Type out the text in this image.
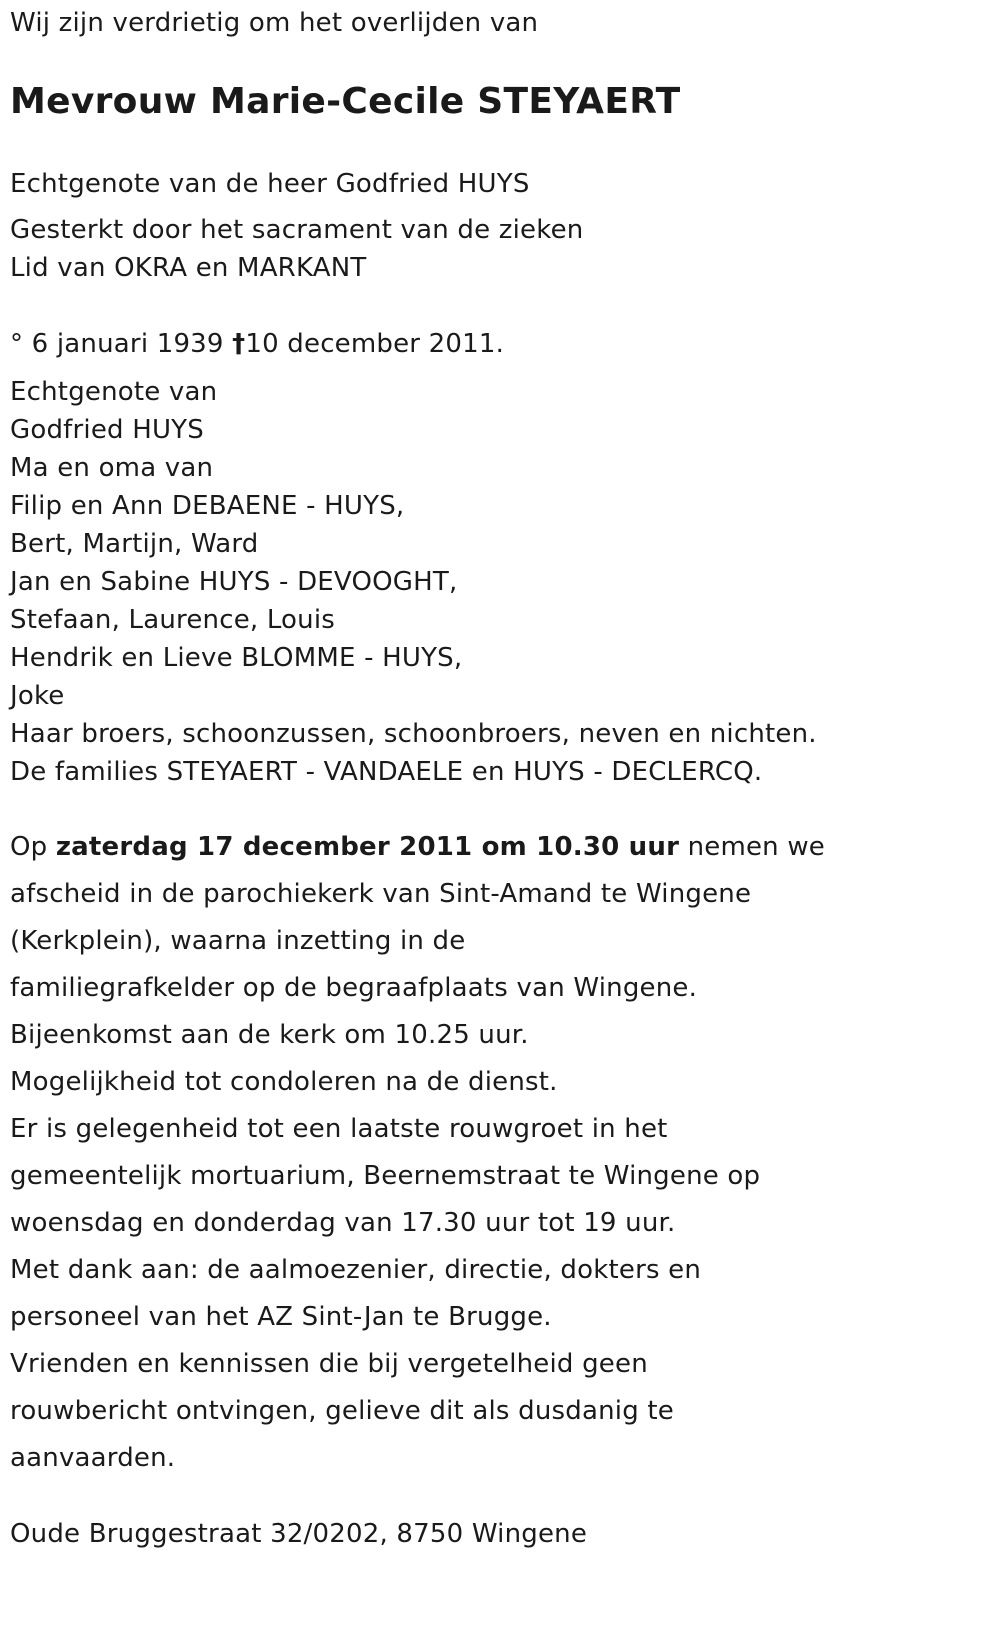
Wij zijn verdrietig om het overlijden van
Mevrouw Marie-Cecile STEYAERT
Echtgenote van de heer Godfried HUYS
Gesterkt door het sacrament van de zieken
Lid van OKRA en MARKANT
° 6 januari 1939 †10 december 2011.
Echtgenote van
Godfried HUYS
Ma en oma van
Filip en Ann DEBAENE - HUYS,
Bert, Martijn, Ward
Jan en Sabine HUYS - DEVOOGHT,
Stefaan, Laurence, Louis
Hendrik en Lieve BLOMME - HUYS,
Joke
Haar broers, schoonzussen, schoonbroers, neven en nichten.
De families STEYAERT - VANDAELE en HUYS - DECLERCQ.
Op zaterdag 17 december 2011 om 10.30 uur nemen we
afscheid in de parochiekerk van Sint-Amand te Wingene
(Kerkplein), waarna inzetting in de
familiegrafkelder op de begraafplaats van Wingene.
Bijeenkomst aan de kerk om 10.25 uur.
Mogelijkheid tot condoleren na de dienst.
Er is gelegenheid tot een laatste rouwgroet in het
gemeentelijk mortuarium, Beernemstraat te Wingene op
woensdag en donderdag van 17.30 uur tot 19 uur.
Met dank aan: de aalmoezenier, directie, dokters en
personeel van het AZ Sint-Jan te Brugge.
Vrienden en kennissen die bij vergetelheid geen
rouwbericht ontvingen, gelieve dit als dusdanig te
aanvaarden.
Oude Bruggestraat 32/0202, 8750 Wingene
